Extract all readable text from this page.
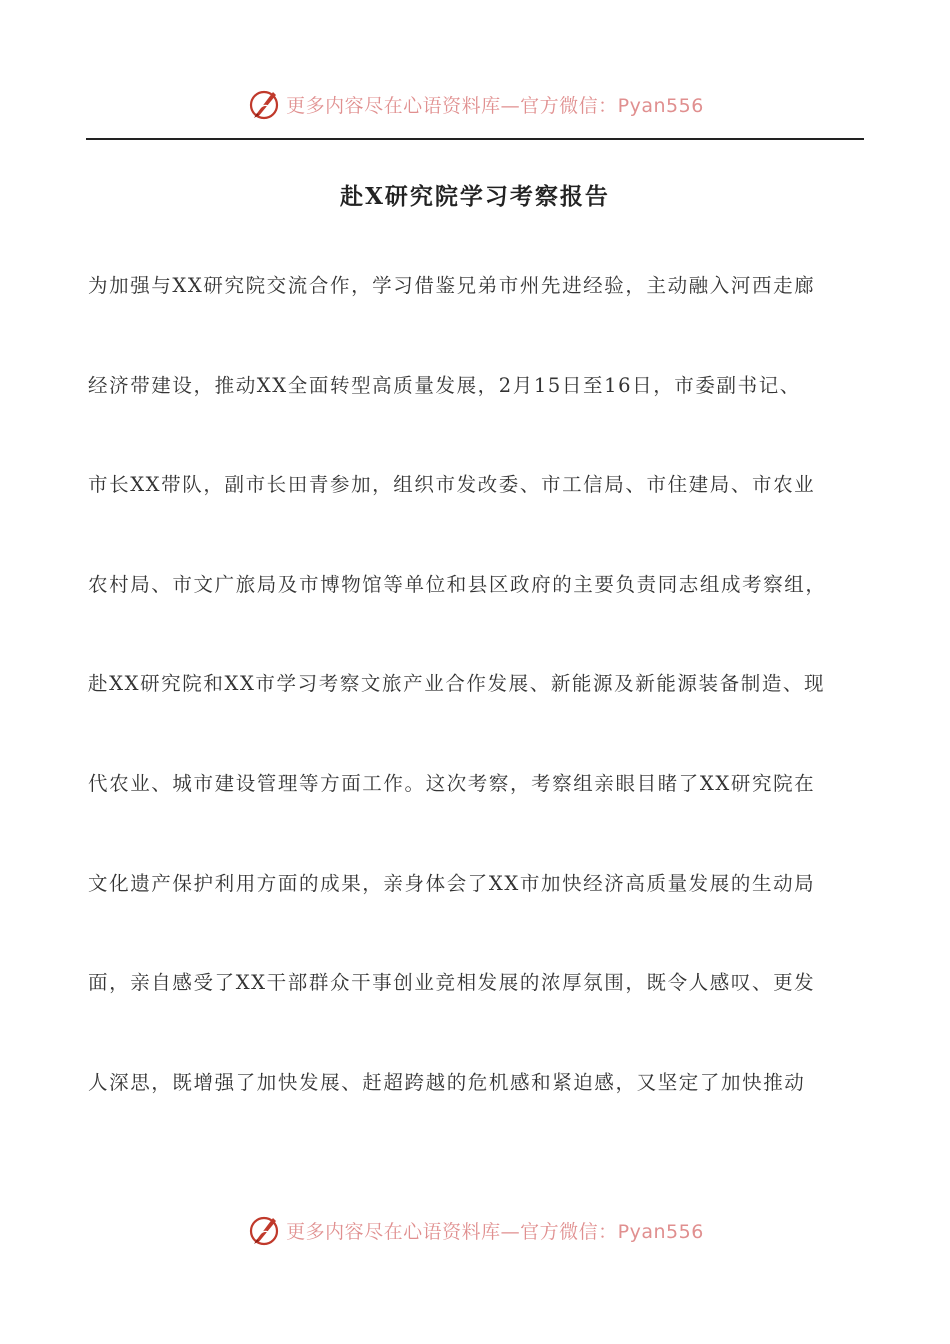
更多内容尽在心语资料库—官方微信：Pyan556
赴X研究院学习考察报告
为加强与XX研究院交流合作，学习借鉴兄弟市州先进经验，主动融入河西走廊
经济带建设，推动XX全面转型高质量发展，2月15日至16日，市委副书记、
市长XX带队，副市长田青参加，组织市发改委、市工信局、市住建局、市农业
农村局、市文广旅局及市博物馆等单位和县区政府的主要负责同志组成考察组，
赴XX研究院和XX市学习考察文旅产业合作发展、新能源及新能源装备制造、现
代农业、城市建设管理等方面工作。这次考察，考察组亲眼目睹了XX研究院在
文化遗产保护利用方面的成果，亲身体会了XX市加快经济高质量发展的生动局
面，亲自感受了XX干部群众干事创业竞相发展的浓厚氛围，既令人感叹、更发
人深思，既增强了加快发展、赶超跨越的危机感和紧迫感，又坚定了加快推动
更多内容尽在心语资料库—官方微信：Pyan556
